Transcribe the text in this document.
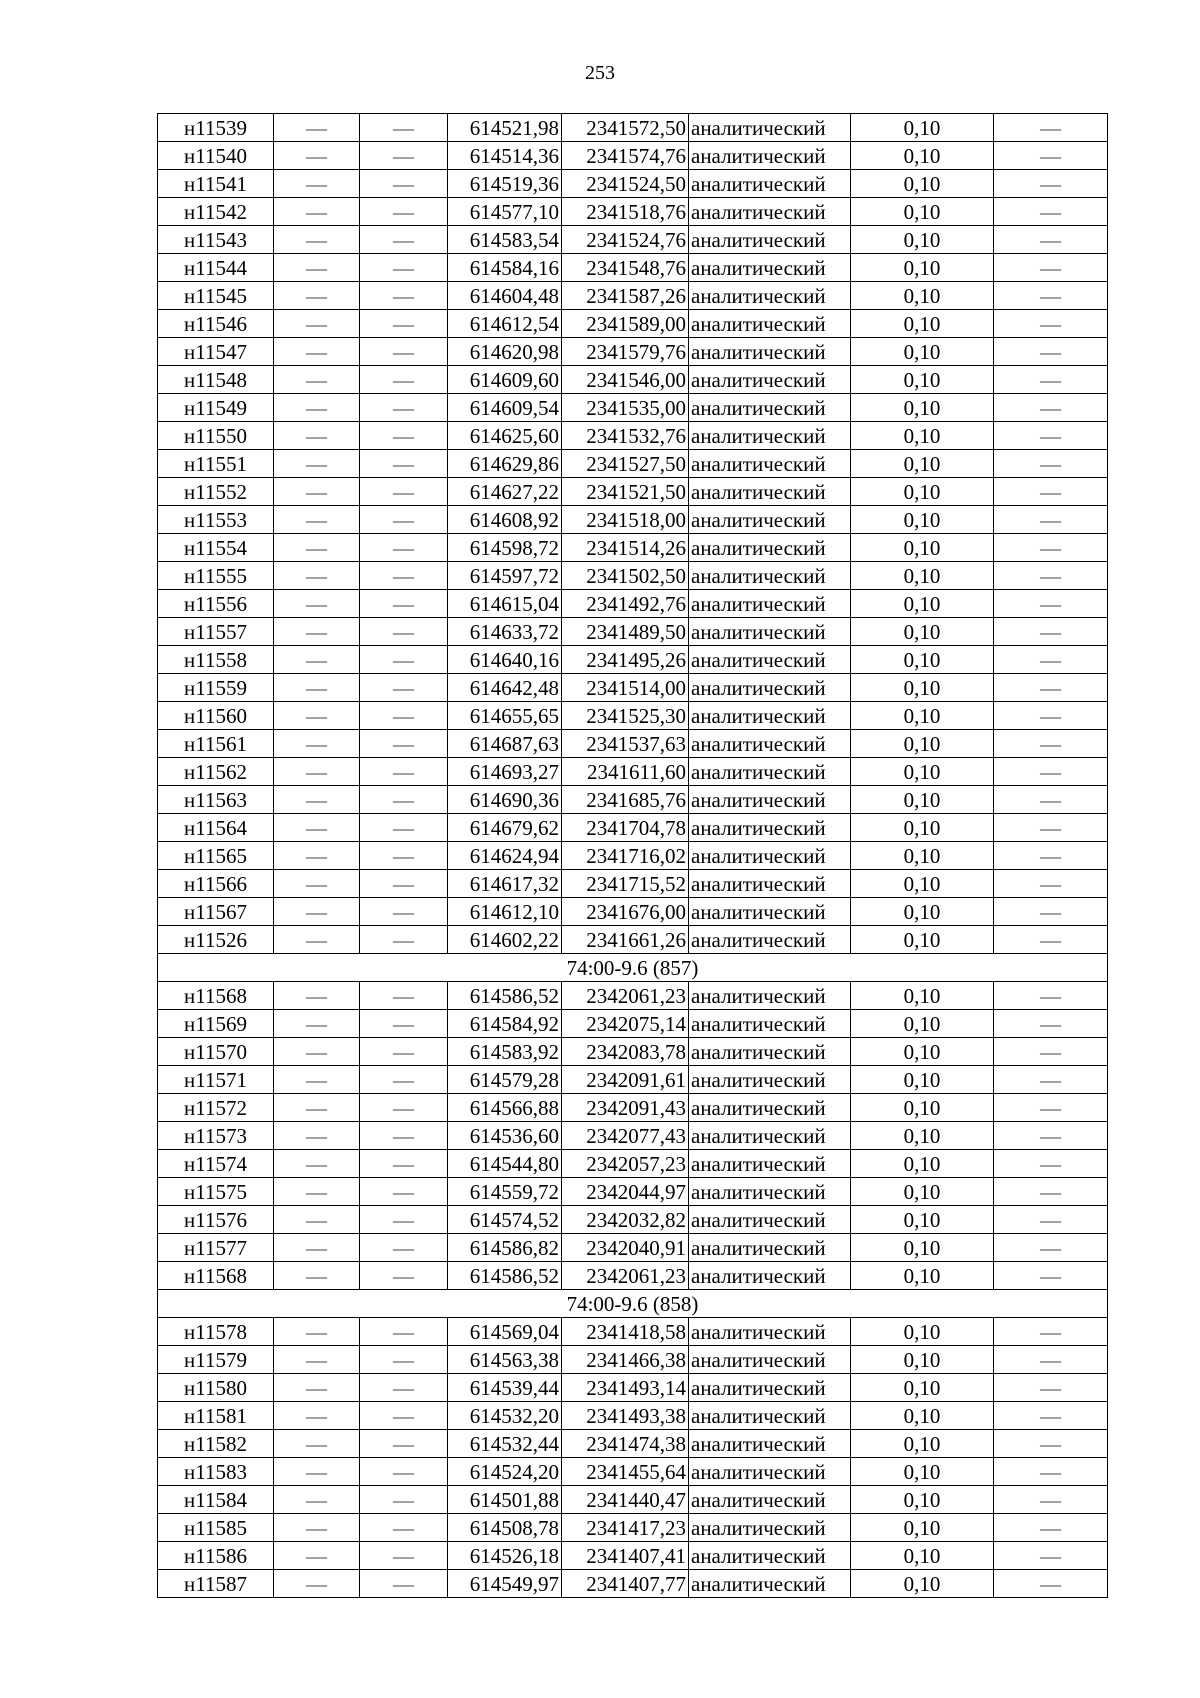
253
н11539	—	—	614521,98	2341572,50	аналитический	0,10	—
н11540	—	—	614514,36	2341574,76	аналитический	0,10	—
н11541	—	—	614519,36	2341524,50	аналитический	0,10	—
н11542	—	—	614577,10	2341518,76	аналитический	0,10	—
н11543	—	—	614583,54	2341524,76	аналитический	0,10	—
н11544	—	—	614584,16	2341548,76	аналитический	0,10	—
н11545	—	—	614604,48	2341587,26	аналитический	0,10	—
н11546	—	—	614612,54	2341589,00	аналитический	0,10	—
н11547	—	—	614620,98	2341579,76	аналитический	0,10	—
н11548	—	—	614609,60	2341546,00	аналитический	0,10	—
н11549	—	—	614609,54	2341535,00	аналитический	0,10	—
н11550	—	—	614625,60	2341532,76	аналитический	0,10	—
н11551	—	—	614629,86	2341527,50	аналитический	0,10	—
н11552	—	—	614627,22	2341521,50	аналитический	0,10	—
н11553	—	—	614608,92	2341518,00	аналитический	0,10	—
н11554	—	—	614598,72	2341514,26	аналитический	0,10	—
н11555	—	—	614597,72	2341502,50	аналитический	0,10	—
н11556	—	—	614615,04	2341492,76	аналитический	0,10	—
н11557	—	—	614633,72	2341489,50	аналитический	0,10	—
н11558	—	—	614640,16	2341495,26	аналитический	0,10	—
н11559	—	—	614642,48	2341514,00	аналитический	0,10	—
н11560	—	—	614655,65	2341525,30	аналитический	0,10	—
н11561	—	—	614687,63	2341537,63	аналитический	0,10	—
н11562	—	—	614693,27	2341611,60	аналитический	0,10	—
н11563	—	—	614690,36	2341685,76	аналитический	0,10	—
н11564	—	—	614679,62	2341704,78	аналитический	0,10	—
н11565	—	—	614624,94	2341716,02	аналитический	0,10	—
н11566	—	—	614617,32	2341715,52	аналитический	0,10	—
н11567	—	—	614612,10	2341676,00	аналитический	0,10	—
н11526	—	—	614602,22	2341661,26	аналитический	0,10	—
74:00-9.6 (857)							
н11568	—	—	614586,52	2342061,23	аналитический	0,10	—
н11569	—	—	614584,92	2342075,14	аналитический	0,10	—
н11570	—	—	614583,92	2342083,78	аналитический	0,10	—
н11571	—	—	614579,28	2342091,61	аналитический	0,10	—
н11572	—	—	614566,88	2342091,43	аналитический	0,10	—
н11573	—	—	614536,60	2342077,43	аналитический	0,10	—
н11574	—	—	614544,80	2342057,23	аналитический	0,10	—
н11575	—	—	614559,72	2342044,97	аналитический	0,10	—
н11576	—	—	614574,52	2342032,82	аналитический	0,10	—
н11577	—	—	614586,82	2342040,91	аналитический	0,10	—
н11568	—	—	614586,52	2342061,23	аналитический	0,10	—
74:00-9.6 (858)							
н11578	—	—	614569,04	2341418,58	аналитический	0,10	—
н11579	—	—	614563,38	2341466,38	аналитический	0,10	—
н11580	—	—	614539,44	2341493,14	аналитический	0,10	—
н11581	—	—	614532,20	2341493,38	аналитический	0,10	—
н11582	—	—	614532,44	2341474,38	аналитический	0,10	—
н11583	—	—	614524,20	2341455,64	аналитический	0,10	—
н11584	—	—	614501,88	2341440,47	аналитический	0,10	—
н11585	—	—	614508,78	2341417,23	аналитический	0,10	—
н11586	—	—	614526,18	2341407,41	аналитический	0,10	—
н11587	—	—	614549,97	2341407,77	аналитический	0,10	—
